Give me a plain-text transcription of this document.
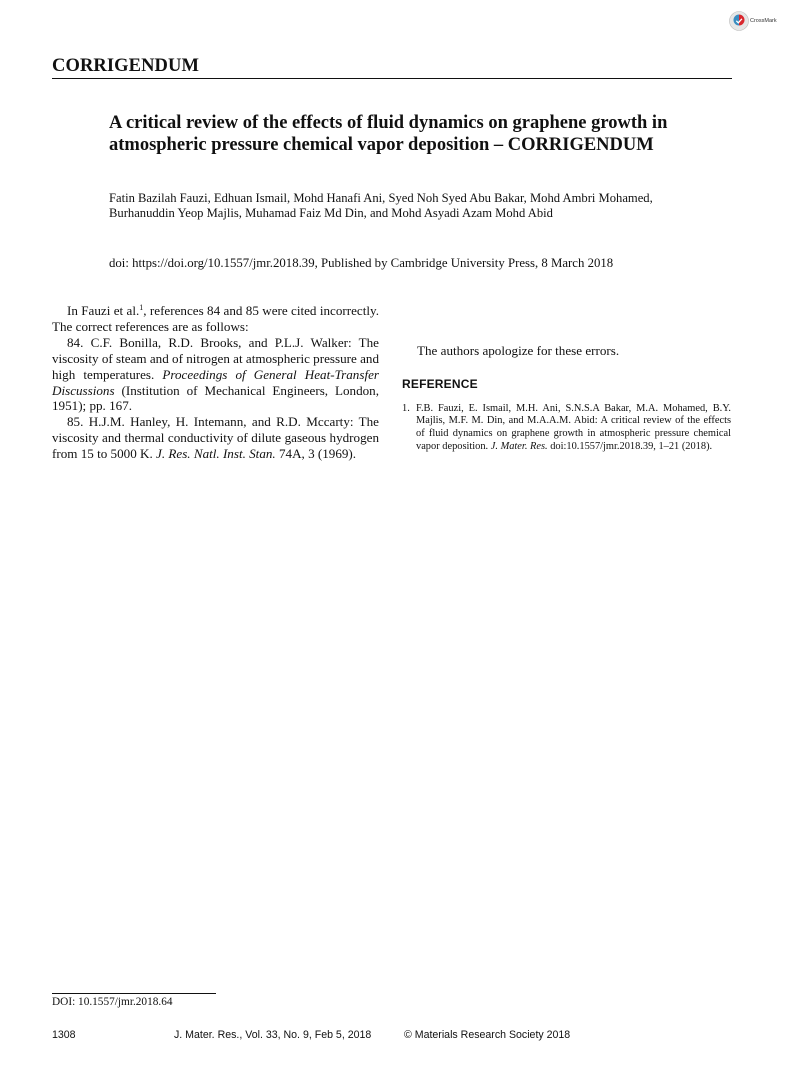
CrossMark
CORRIGENDUM
A critical review of the effects of fluid dynamics on graphene growth in atmospheric pressure chemical vapor deposition – CORRIGENDUM
Fatin Bazilah Fauzi, Edhuan Ismail, Mohd Hanafi Ani, Syed Noh Syed Abu Bakar, Mohd Ambri Mohamed, Burhanuddin Yeop Majlis, Muhamad Faiz Md Din, and Mohd Asyadi Azam Mohd Abid
doi: https://doi.org/10.1557/jmr.2018.39, Published by Cambridge University Press, 8 March 2018

In Fauzi et al.$^1$, references 84 and 85 were cited incorrectly. The correct references are as follows:

84. C.F. Bonilla, R.D. Brooks, and P.L.J. Walker: The viscosity of steam and of nitrogen at atmospheric pressure and high temperatures. Proceedings of General Heat-Transfer Discussions (Institution of Mechanical Engineers, London, 1951); pp. 167.

85. H.J.M. Hanley, H. Intemann, and R.D. Mccarty: The viscosity and thermal conductivity of dilute gaseous hydrogen from 15 to 5000 K. J. Res. Natl. Inst. Stan. 74A, 3 (1969).

The authors apologize for these errors.

REFERENCE

1. F.B. Fauzi, E. Ismail, M.H. Ani, S.N.S.A Bakar, M.A. Mohamed, B.Y. Majlis, M.F. M. Din, and M.A.A.M. Abid: A critical review of the effects of fluid dynamics on graphene growth in atmospheric pressure chemical vapor deposition. J. Mater. Res. doi:10.1557/jmr.2018.39, 1–21 (2018).
DOI: 10.1557/jmr.2018.64
1308	J. Mater. Res., Vol. 33, No. 9, Feb 5, 2018	© Materials Research Society 2018
